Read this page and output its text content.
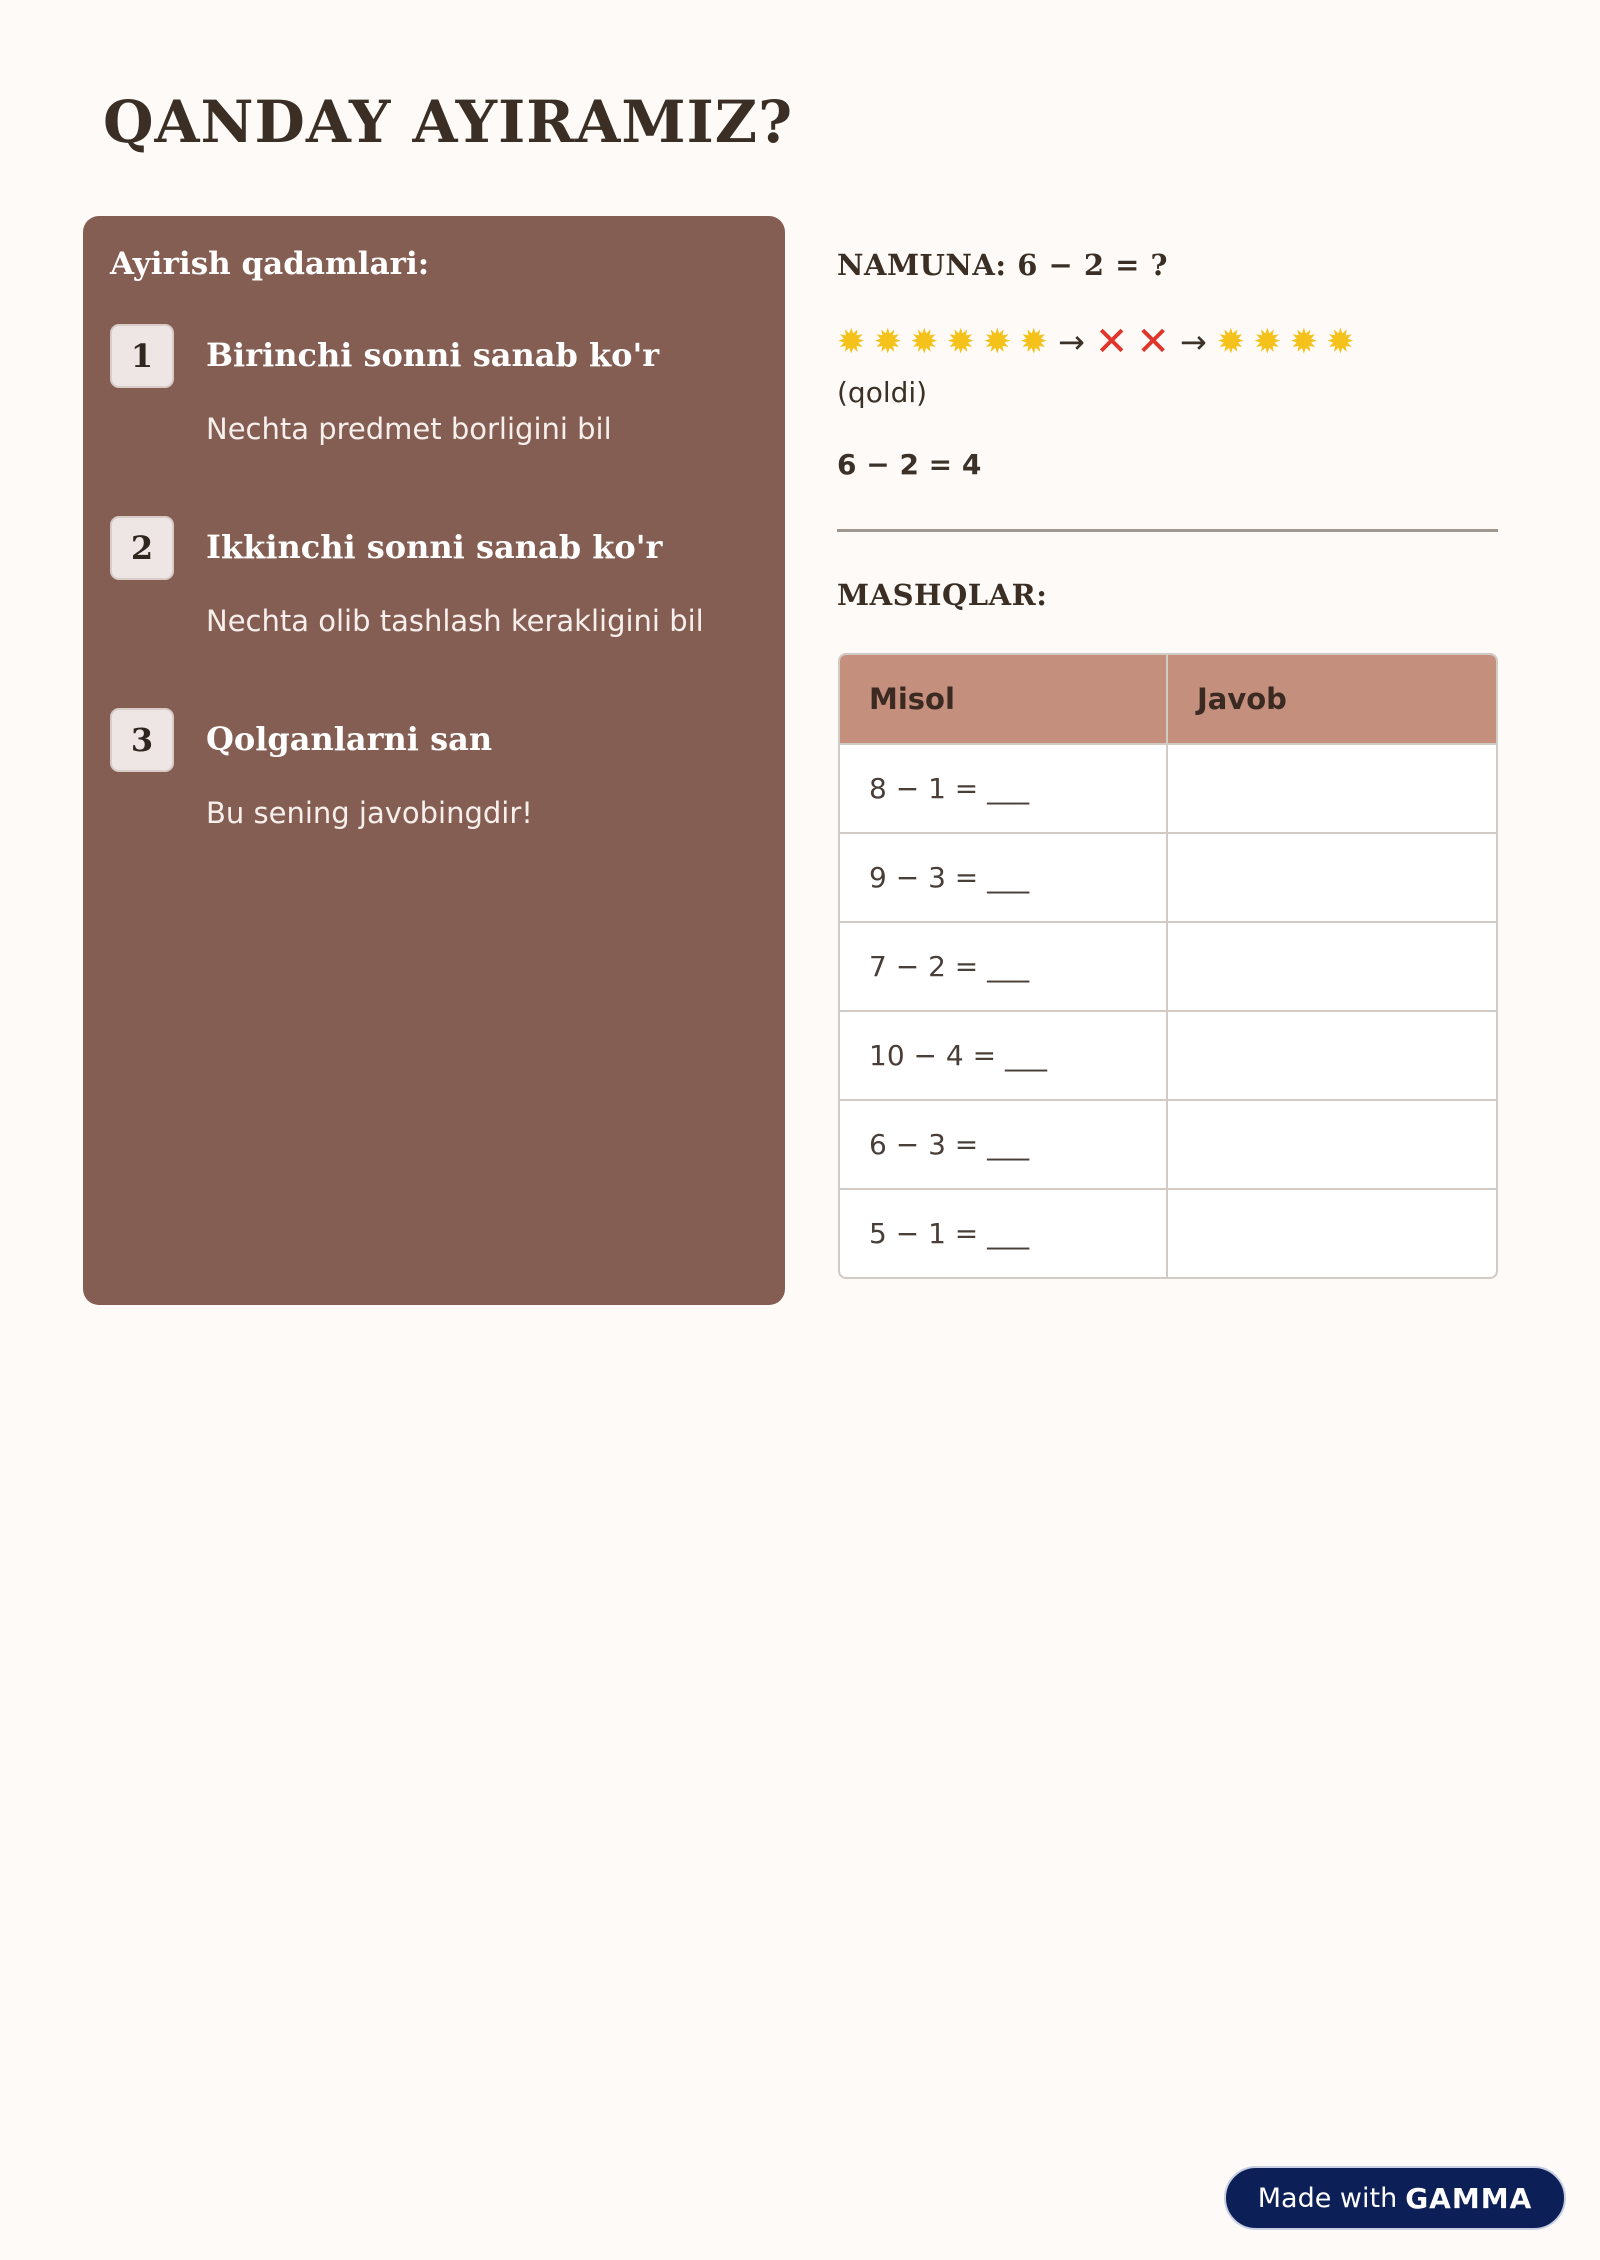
QANDAY AYIRAMIZ?
Ayirish qadamlari:
1	Birinchi sonni sanab ko'r

Nechta predmet borligini bil

2	Ikkinchi sonni sanab ko'r

Nechta olib tashlash kerakligini bil

3	Qolganlarni san

Bu sening javobingdir!

NAMUNA: 6 − 2 = ?
✹ ✹ ✹ ✹ ✹ ✹ → ✕ ✕ → ✹ ✹ ✹ ✹

(qoldi)

6 − 2 = 4

MASHQLAR:
Misol	Javob
8 − 1 = ___	
9 − 3 = ___	
7 − 2 = ___	
10 − 4 = ___	
6 − 3 = ___	
5 − 1 = ___	
Made with GAMMA
